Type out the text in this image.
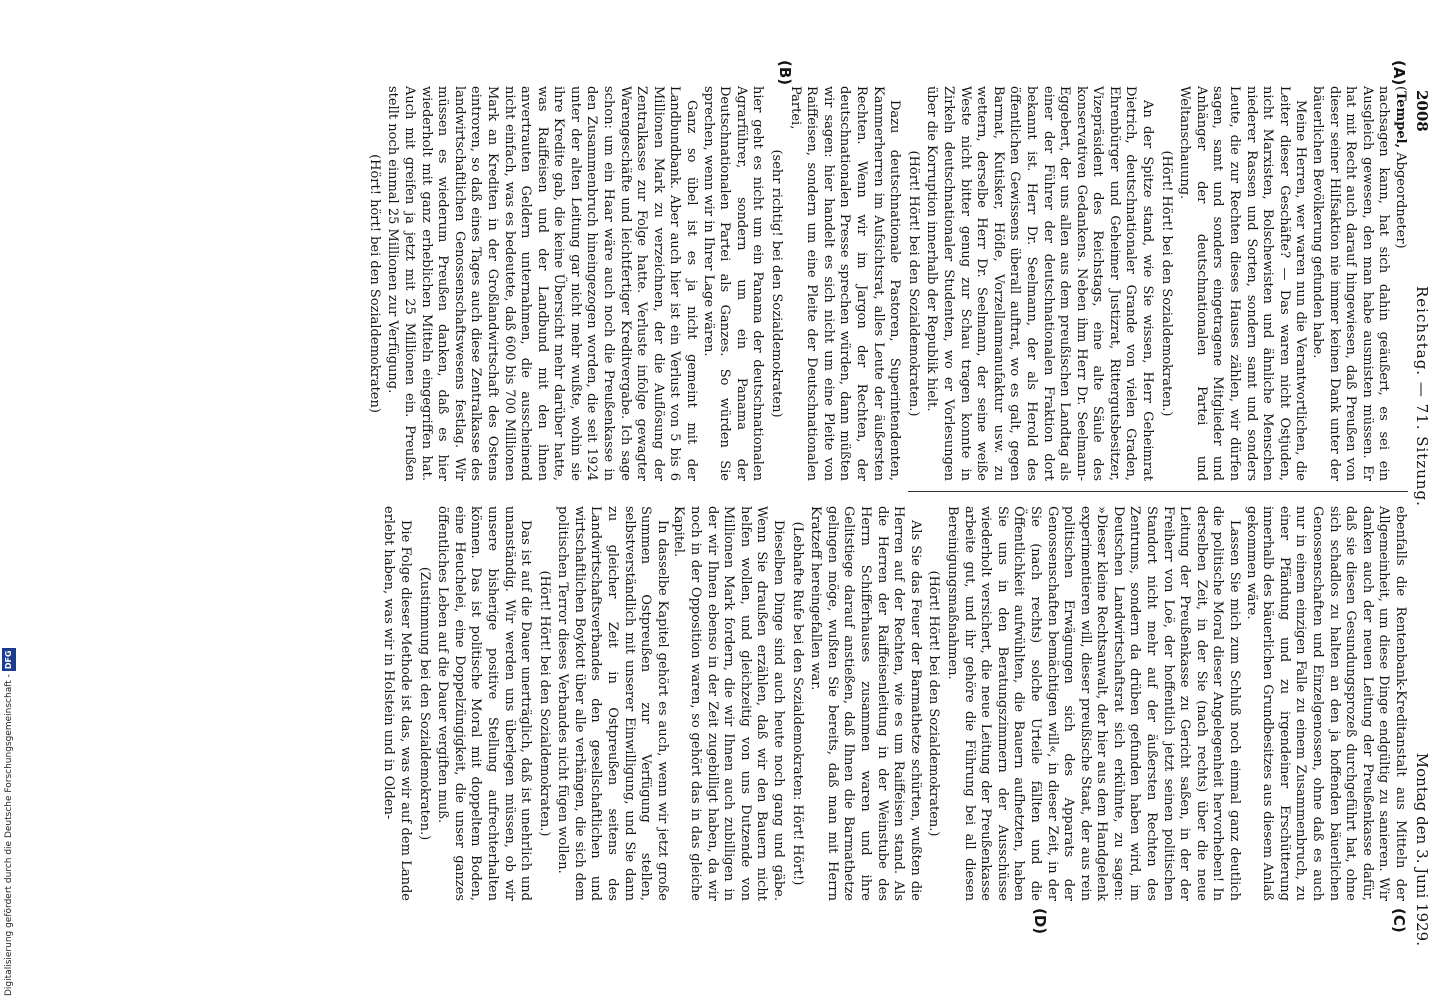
2008
Reichstag. — 71. Sitzung.
Montag den 3. Juni 1929.
(A)
(B)
(C)
(D)

(Tempel, Abgeordneter)

nachsagen kann, hat sich dahin geäußert, es sei ein Ausgleich gewesen, den man habe ausmisten müssen. Er hat mit Recht auch darauf hingewiesen, daß Preußen von dieser seiner Hilfsaktion nie immer keinen Dank unter der bäuerlichen Bevölkerung gefunden habe.

Meine Herren, wer waren nun die Verantwortlichen, die Leiter dieser Geschäfte? — Das waren nicht Ostjuden, nicht Marxisten, Bolschewisten und ähnliche Menschen niederer Rassen und Sorten, sondern samt und sonders Leute, die zur Rechten dieses Hauses zählen, wir dürfen sagen, samt und sonders eingetragene Mitglieder und Anhänger der deutschnationalen Partei und Weltanschauung.

(Hört! Hört! bei den Sozialdemokraten.)

An der Spitze stand, wie Sie wissen, Herr Geheimrat Dietrich, deutschnationaler Grande von vielen Graden, Ehrenbürger und Geheimer Justizrat, Rittergutsbesitzer, Vizepräsident des Reichstags, eine alte Säule des konservativen Gedankens. Neben ihm Herr Dr. Seelmann-Eggebert, der uns allen aus dem preußischen Landtag als einer der Führer der deutschnationalen Fraktion dort bekannt ist. Herr Dr. Seelmann, der als Herold des öffentlichen Gewissens überall auftrat, wo es galt, gegen Barmat, Kutisker, Höfle, Vorzellanmanufaktur usw. zu wettern, derselbe Herr Dr. Seelmann, der seine weiße Weste nicht bitter genug zur Schau tragen konnte in Zirkeln deutschnationaler Studenten, wo er Vorlesungen über die Korruption innerhalb der Republik hielt.

(Hört! Hört! bei den Sozialdemokraten.)

Dazu deutschnationale Pastoren, Superintendenten, Kammerherren im Aufsichtsrat, alles Leute der äußersten Rechten. Wenn wir im Jargon der Rechten, der deutschnationalen Presse sprechen würden, dann müßten wir sagen: hier handelt es sich nicht um eine Pleite von Raiffeisen, sondern um eine Pleite der Deutschnationalen Partei,

(sehr richtig! bei den Sozialdemokraten)

hier geht es nicht um ein Panama der deutschnationalen Agrarführer, sondern um ein Panama der Deutschnationalen Partei als Ganzes. So würden Sie sprechen, wenn wir in Ihrer Lage wären.

Ganz so übel ist es ja nicht gemeint mit der Landbundbank. Aber auch hier ist ein Verlust von 5 bis 6 Millionen Mark zu verzeichnen, der die Auflösung der Zentralkasse zur Folge hatte. Verluste infolge gewagter Warengeschäfte und leichtfertiger Kreditvergabe. Ich sage schon: um ein Haar wäre auch noch die Preußenkasse in den Zusammenbruch hineingezogen worden, die seit 1924 unter der alten Leitung gar nicht mehr wußte, wohin sie ihre Kredite gab, die keine Übersicht mehr darüber hatte, was Raiffeisen und der Landbund mit den ihnen anvertrauten Geldern unternahmen, die ausscheinend nicht einfach, was es bedeutete, daß 600 bis 700 Millionen Mark an Krediten in der Großlandwirtschaft des Ostens eintroren, so daß eines Tages auch diese Zentralkasse des landwirtschaftlichen Genossenschaftswesens festlag. Wir müssen es wiederum Preußen danken, daß es hier wiederholt mit ganz erheblichen Mitteln eingegriffen hat. Auch mit greifen ja jetzt mit 25 Millionen ein. Preußen stellt noch einmal 25 Millionen zur Verfügung.

(Hört! hört! bei den Sozialdemokraten)

ebenfalls die Rentenbank-Kreditanstalt aus Mitteln der Allgemeinheit, um diese Dinge endgültig zu sanieren. Wir danken auch der neuen Leitung der Preußenkasse dafür, daß sie diesen Gesundungsprozeß durchgeführt hat, ohne sich schadlos zu halten an den ja hoffenden bäuerlichen Genossenschaften und Einzelgenossen, ohne daß es auch nur in einem einzigen Falle zu einem Zusammenbruch, zu einer Pfändung und zu irgendeiner Erschütterung innerhalb des bäuerlichen Grundbesitzes aus diesem Anlaß gekommen wäre.

Lassen Sie mich zum Schluß noch einmal ganz deutlich die politische Moral dieser Angelegenheit hervorheben! In derselben Zeit, in der Sie (nach rechts) über die neue Leitung der Preußenkasse zu Gericht saßen, in der der Freiherr von Loë, der hoffentlich jetzt seinen politischen Standort nicht mehr auf der äußersten Rechten des Zentrums, sondern da drüben gefunden haben wird, im Deutschen Landwirtschaftsrat sich erkühnte, zu sagen: »Dieser kleine Rechtsanwalt, der hier aus dem Handgelenk experimentieren will, dieser preußische Staat, der aus rein politischen Erwägungen sich des Apparats der Genossenschaften bemächtigen will«, in dieser Zeit, in der Sie (nach rechts) solche Urteile fällten und die Öffentlichkeit aufwühlten, die Bauern aufhetzten, haben Sie uns in den Beratungszimmern der Ausschüsse wiederholt versichert, die neue Leitung der Preußenkasse arbeite gut, und ihr gehöre die Führung bei all diesen Bereinigungsmaßnahmen.

(Hört! Hört! bei den Sozialdemokraten.)

Als Sie das Feuer der Barmathetze schürten, wußten die Herren auf der Rechten, wie es um Raiffeisen stand. Als die Herren der Raiffeisenleitung in der Weinstube des Herrn Schifferhauses zusammen waren und ihre Gelitstiege darauf anstießen, daß Ihnen die Barmathetze gelingen möge, wußten Sie bereits, daß man mit Herrn Kratzeff hereingefallen war.

(Lebhafte Rufe bei den Sozialdemokraten: Hört! Hört!)

Dieselben Dinge sind auch heute noch gang und gäbe. Wenn Sie draußen erzählen, daß wir den Bauern nicht helfen wollen, und gleichzeitig von uns Dutzende von Millionen Mark fordern, die wir Ihnen auch zubilligen in der wir Ihnen ebenso in der Zeit zugebilligt haben, da wir noch in der Opposition waren, so gehört das in das gleiche Kapitel.

In dasselbe Kapitel gehört es auch, wenn wir jetzt große Summen Ostpreußen zur Verfügung stellen, selbstverständlich mit unserer Einwilligung, und Sie dann zu gleicher Zeit in Ostpreußen seitens des Landwirtschaftsverbandes den gesellschaftlichen und wirtschaftlichen Boykott über alle verhängen, die sich dem politischen Terror dieses Verbandes nicht fügen wollen.

(Hört! Hört! bei den Sozialdemokraten.)

Das ist auf die Dauer unerträglich, daß ist unehrlich und unanständig. Wir werden uns überlegen müssen, ob wir unsere bisherige positive Stellung aufrechterhalten können. Das ist politische Moral mit doppeltem Boden, eine Heuchelei, eine Doppelzüngigkeit, die unser ganzes öffentliches Leben auf die Dauer vergiften muß.

(Zustimmung bei den Sozialdemokraten.)

Die Folge dieser Methode ist das, was wir auf dem Lande erlebt haben, was wir in Holstein und in Olden-

Digitalisierung gefördert durch die Deutsche Forschungsgemeinschaft -DFG
